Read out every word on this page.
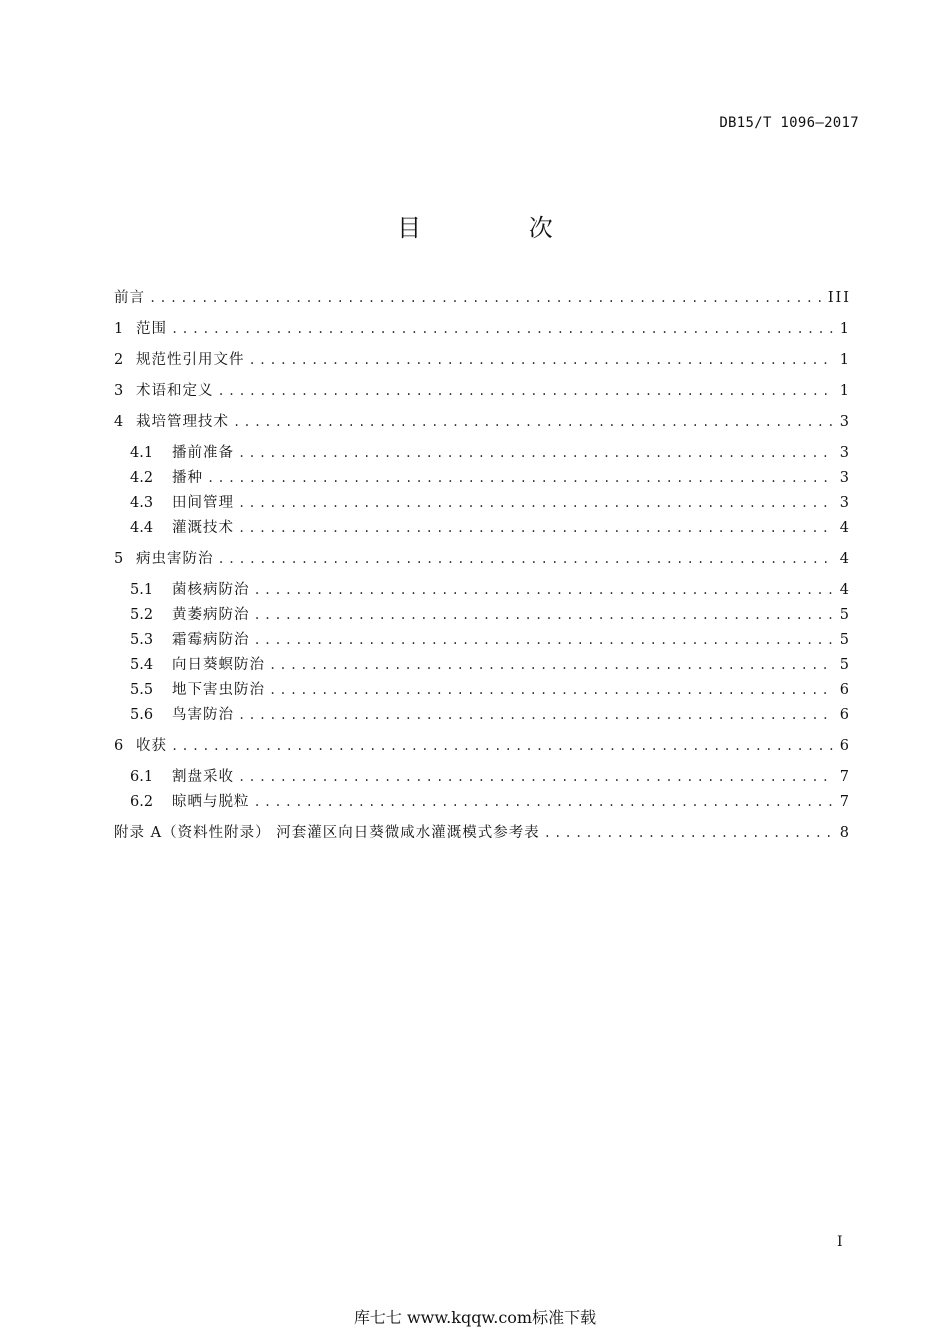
DB15/T 1096—2017
目 次
前言 .....	III
1 范围 .....	1
2 规范性引用文件 .....	1
3 术语和定义 .....	1
4 栽培管理技术 .....	3
4.1	播前准备 .....	3
4.2	播种 .....	3
4.3	田间管理 .....	3
4.4	灌溉技术 .....	4
5 病虫害防治 .....	4
5.1	菌核病防治 .....	4
5.2	黄萎病防治 .....	5
5.3	霜霉病防治 .....	5
5.4	向日葵螟防治 .....	5
5.5	地下害虫防治 .....	6
5.6	鸟害防治 .....	6
6 收获 .....	6
6.1	割盘采收 .....	7
6.2	晾晒与脱粒 .....	7
附录 A（资料性附录） 河套灌区向日葵微咸水灌溉模式参考表 .....	8
I
库七七 www.kqqw.com标准下载
